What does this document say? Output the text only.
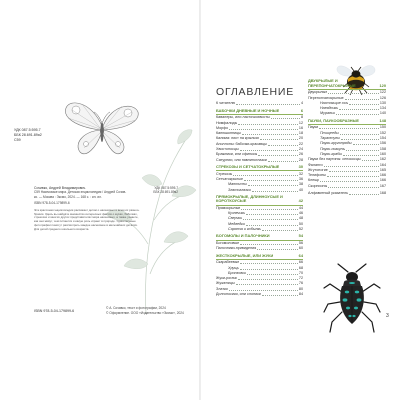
УДК 087.5:595.7
ББК 28.691.89я2
С59
УДК 087.5:595.7
ББК 28.691.89я2
Сочивко, Андрей Владимирович.
С59 Насекомые мира. Детская энциклопедия / Андрей Сочив-
ко. — Москва : Эксмо, 2024. — 168 с. : ил. ил.
ISBN 978-5-04-179899-6
Эта красочная энциклопедия расскажет детям о насекомых и всем их разноо-
бразии. Здесь вы найдёте множество интересных фактов о жуках, бабочках,
стрекозах и многих других представителях мира насекомых, а также узнаете,
как они живут, чем питаются и какую роль играют в природе. Удивительные
фотографии помогут рассмотреть каждое насекомое в мельчайших деталях.
Для детей среднего школьного возраста.
ISBN 978-5-04-179899-6
© А. Сочивко, текст и фотографии, 2024
© Оформление. ООО «Издательство «Эксмо», 2024
ОГЛАВЛЕНИЕ
К читателю	4
БАБОЧКИ ДНЕВНЫЕ И НОЧНЫЕ	6
Кавалеры, или ласточкохвосты	8
Нимфалиды	12
Морфо	16
Капюшонницы	18
Калима: лист на крыльях	20
Аполлоны: бабочки-красавцы	22
Хвостоносцы	24
Бражники, или сфинксы	26
Сатурнии, или павлиноглазки	28
СТРЕКОЗЫ И СЕТЧАТОКРЫЛЫЕ	30
Стрекозы	32
Сетчатокрылые	36
Мантиспы	38
Златоглазки	40
ПРЯМОКРЫЛЫЕ, ДЛИННОУСЫЕ И КОРОТКОУСЫЕ	42
Прямокрылые	44
Кузнечики	46
Сверчки	48
Медведки	50
Саранча и кобылки	52
БОГОМОЛЫ И ПАЛОЧНИКИ	54
Богомоловые	56
Палочники-привидения	60
ЖЕСТКОКРЫЛЫЕ, ИЛИ ЖУКИ	64
Скарабеевые	66
Хрущи	68
Бронзовки	70
Жуки-рогачи	72
Жужелицы	76
Златки	80
Долгоносики, или слоники	84
ДВУКРЫЛЫЕ И ПЕРЕПОНЧАТОКРЫЛЫЕ	120
Двукрылые	122
Перепончатокрылые	126
Настоящие осы	130
Наездники	134
Муравьи	140
ПАУКИ, ПАУКООБРАЗНЫЕ	148
Пауки	150
Птицееды	152
Тарантулы	154
Пауки-кругопряды	156
Пауки-скакуны	158
Пауки-крабы	160
Пауки без паутины: сенокосцы	162
Фаланги	164
Жгутоногие	165
Телифоны	166
Клещи	166
Скорпионы	167
Алфавитный указатель	168
3
